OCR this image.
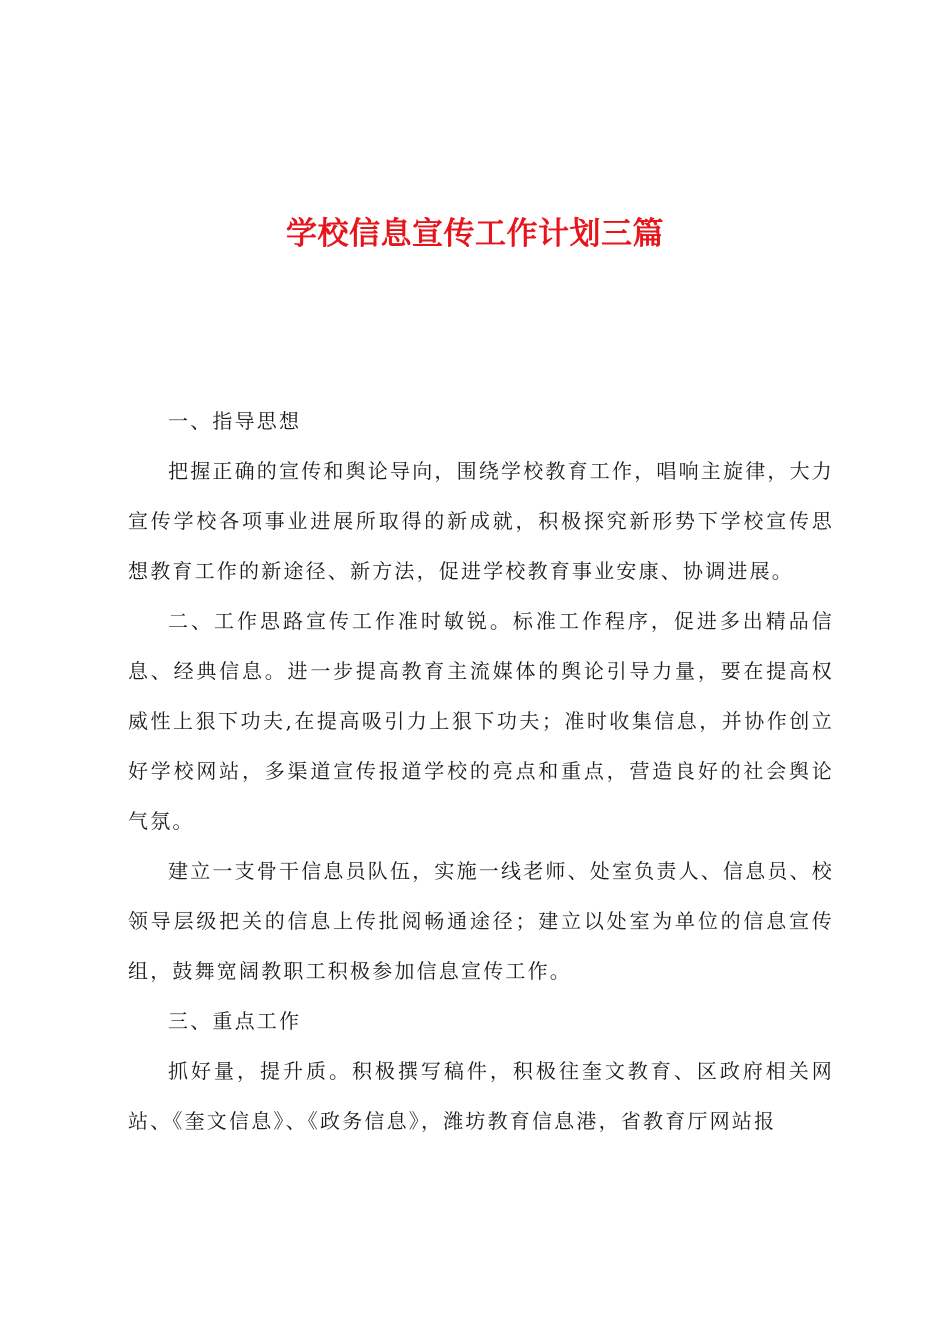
学校信息宣传工作计划三篇

一、指导思想

把握正确的宣传和舆论导向，围绕学校教育工作，唱响主旋律，大力宣传学校各项事业进展所取得的新成就，积极探究新形势下学校宣传思想教育工作的新途径、新方法，促进学校教育事业安康、协调进展。

二、工作思路宣传工作准时敏锐。标准工作程序，促进多出精品信息、经典信息。进一步提高教育主流媒体的舆论引导力量，要在提高权威性上狠下功夫,在提高吸引力上狠下功夫；准时收集信息，并协作创立好学校网站，多渠道宣传报道学校的亮点和重点，营造良好的社会舆论气氛。

建立一支骨干信息员队伍，实施一线老师、处室负责人、信息员、校领导层级把关的信息上传批阅畅通途径；建立以处室为单位的信息宣传组，鼓舞宽阔教职工积极参加信息宣传工作。

三、重点工作

抓好量，提升质。积极撰写稿件，积极往奎文教育、区政府相关网站、《奎文信息》、《政务信息》，潍坊教育信息港，省教育厅网站报
